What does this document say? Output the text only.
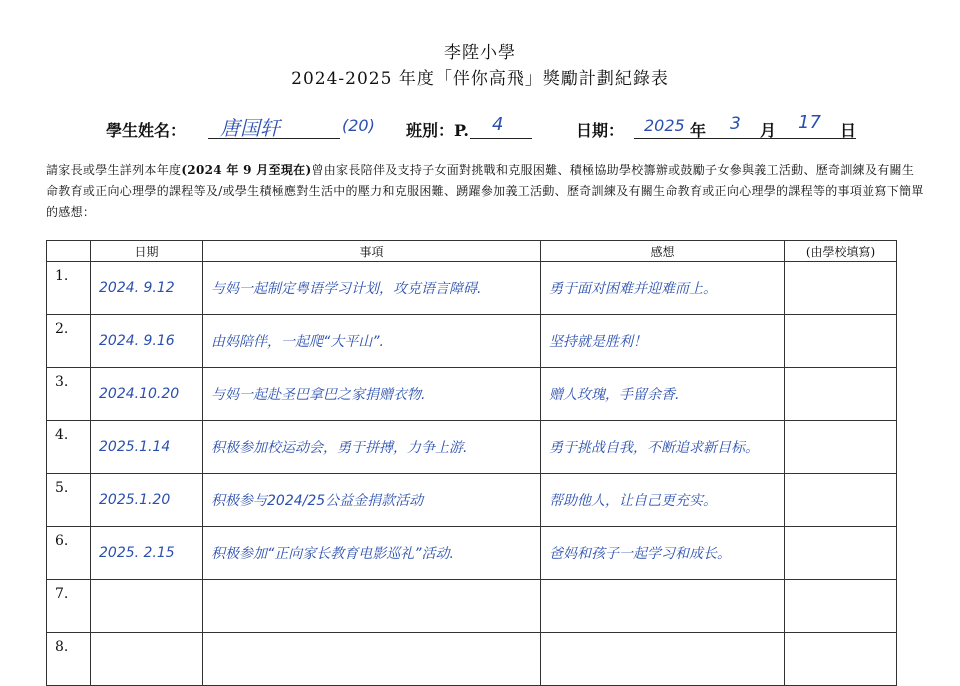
李陞小學
2024-2025 年度「伴你高飛」獎勵計劃紀錄表
學生姓名： 唐国轩	(20) 班別：P. 4	日期： 2025 年 3 月 17 日
請家長或學生詳列本年度(2024 年 9 月至現在)曾由家長陪伴及支持子女面對挑戰和克服困難、積極協助學校籌辦或鼓勵子女參與義工活動、歷奇訓練及有關生命教育或正向心理學的課程等及/或學生積極應對生活中的壓力和克服困難、踴躍參加義工活動、歷奇訓練及有關生命教育或正向心理學的課程等的事項並寫下簡單的感想：
	日期	事項	感想	(由學校填寫)
1.	2024. 9.12	与妈一起制定粤语学习计划，攻克语言障碍.	勇于面对困难并迎难而上。	
2.	2024. 9.16	由妈陪伴，一起爬“大平山”.	坚持就是胜利！	
3.	2024.10.20	与妈一起赴圣巴拿巴之家捐赠衣物.	赠人玫瑰，手留余香.	
4.	2025.1.14	积极参加校运动会，勇于拼搏，力争上游.	勇于挑战自我，不断追求新目标。	
5.	2025.1.20	积极参与2024/25公益金捐款活动	帮助他人，让自己更充实。	
6.	2025. 2.15	积极参加“正向家长教育电影巡礼”活动.	爸妈和孩子一起学习和成长。	
7.				
8.				
